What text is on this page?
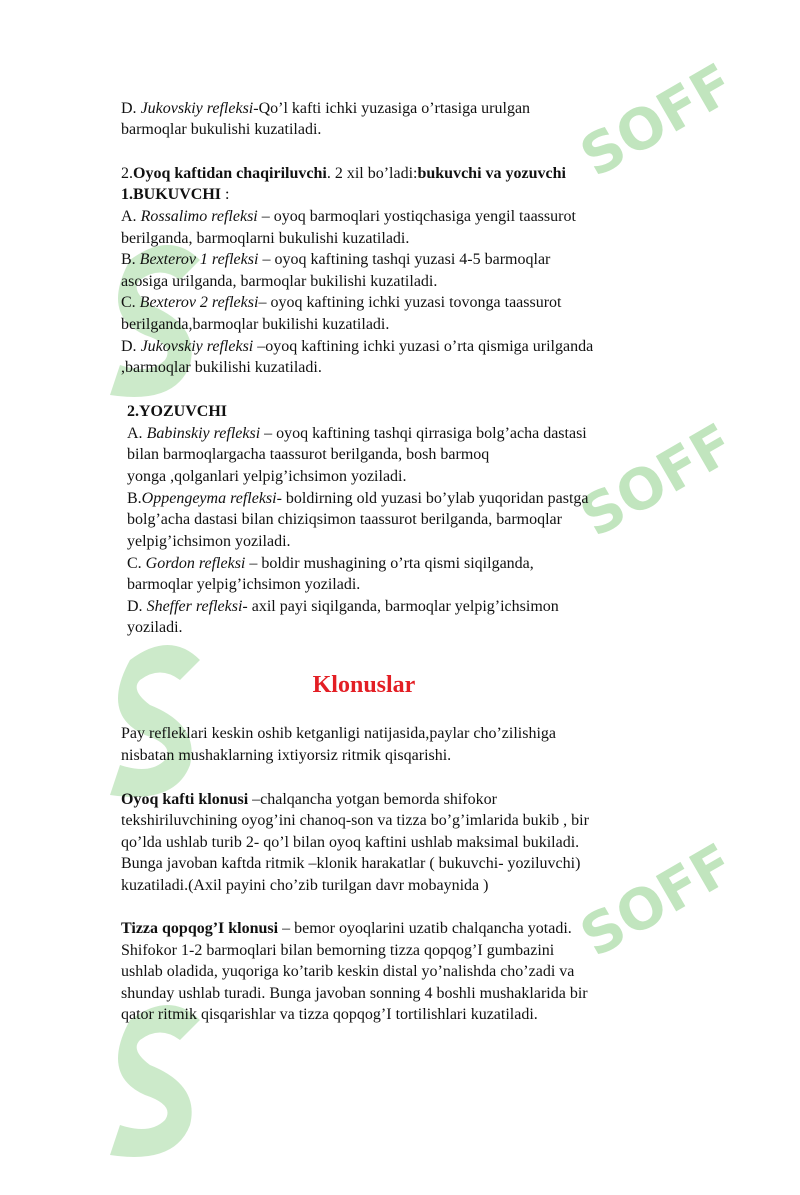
SOFF
SOFF
SOFF

D. Jukovskiy refleksi-Qo’l kafti ichki yuzasiga o’rtasiga urulgan

barmoqlar bukulishi kuzatiladi.

2.Oyoq kaftidan chaqiriluvchi. 2 xil bo’ladi:bukuvchi va yozuvchi

1.BUKUVCHI :

A. Rossalimo refleksi – oyoq barmoqlari yostiqchasiga yengil taassurot

berilganda, barmoqlarni bukulishi kuzatiladi.

B. Bexterov 1 refleksi – oyoq kaftining tashqi yuzasi 4-5 barmoqlar

asosiga urilganda, barmoqlar bukilishi kuzatiladi.

C. Bexterov 2 refleksi– oyoq kaftining ichki yuzasi tovonga taassurot

berilganda,barmoqlar bukilishi kuzatiladi.

D. Jukovskiy refleksi –oyoq kaftining ichki yuzasi o’rta qismiga urilganda

,barmoqlar bukilishi kuzatiladi.

2.YOZUVCHI

A. Babinskiy refleksi – oyoq kaftining tashqi qirrasiga bolg’acha dastasi

bilan barmoqlargacha taassurot berilganda, bosh barmoq

yonga ,qolganlari yelpig’ichsimon yoziladi.

B.Oppengeyma refleksi- boldirning old yuzasi bo’ylab yuqoridan pastga

bolg’acha dastasi bilan chiziqsimon taassurot berilganda, barmoqlar

yelpig’ichsimon yoziladi.

C. Gordon refleksi – boldir mushagining o’rta qismi siqilganda,

barmoqlar yelpig’ichsimon yoziladi.

D. Sheffer refleksi- axil payi siqilganda, barmoqlar yelpig’ichsimon

yoziladi.

Klonuslar

Pay reflеklari keskin oshib ketganligi natijasida,paylar cho’zilishiga

nisbatan mushaklarning ixtiyorsiz ritmik qisqarishi.

Oyoq kafti klonusi –chalqancha yotgan bemorda shifokor

tekshiriluvchining oyog’ini chanoq-son va tizza bo’g’imlarida bukib , bir

qo’lda ushlab turib 2- qo’l bilan oyoq kaftini ushlab maksimal bukiladi.

Bunga javoban kaftda ritmik –klonik harakatlar ( bukuvchi- yoziluvchi)

kuzatiladi.(Axil payini cho’zib turilgan davr mobaynida )

Tizza qopqog’I klonusi – bemor oyoqlarini uzatib chalqancha yotadi.

Shifokor 1-2 barmoqlari bilan bemorning tizza qopqog’I gumbazini

ushlab oladida, yuqoriga ko’tarib keskin distal yo’nalishda cho’zadi va

shunday ushlab turadi. Bunga javoban sonning 4 boshli mushaklarida bir

qator ritmik qisqarishlar va tizza qopqog’I tortilishlari kuzatiladi.
